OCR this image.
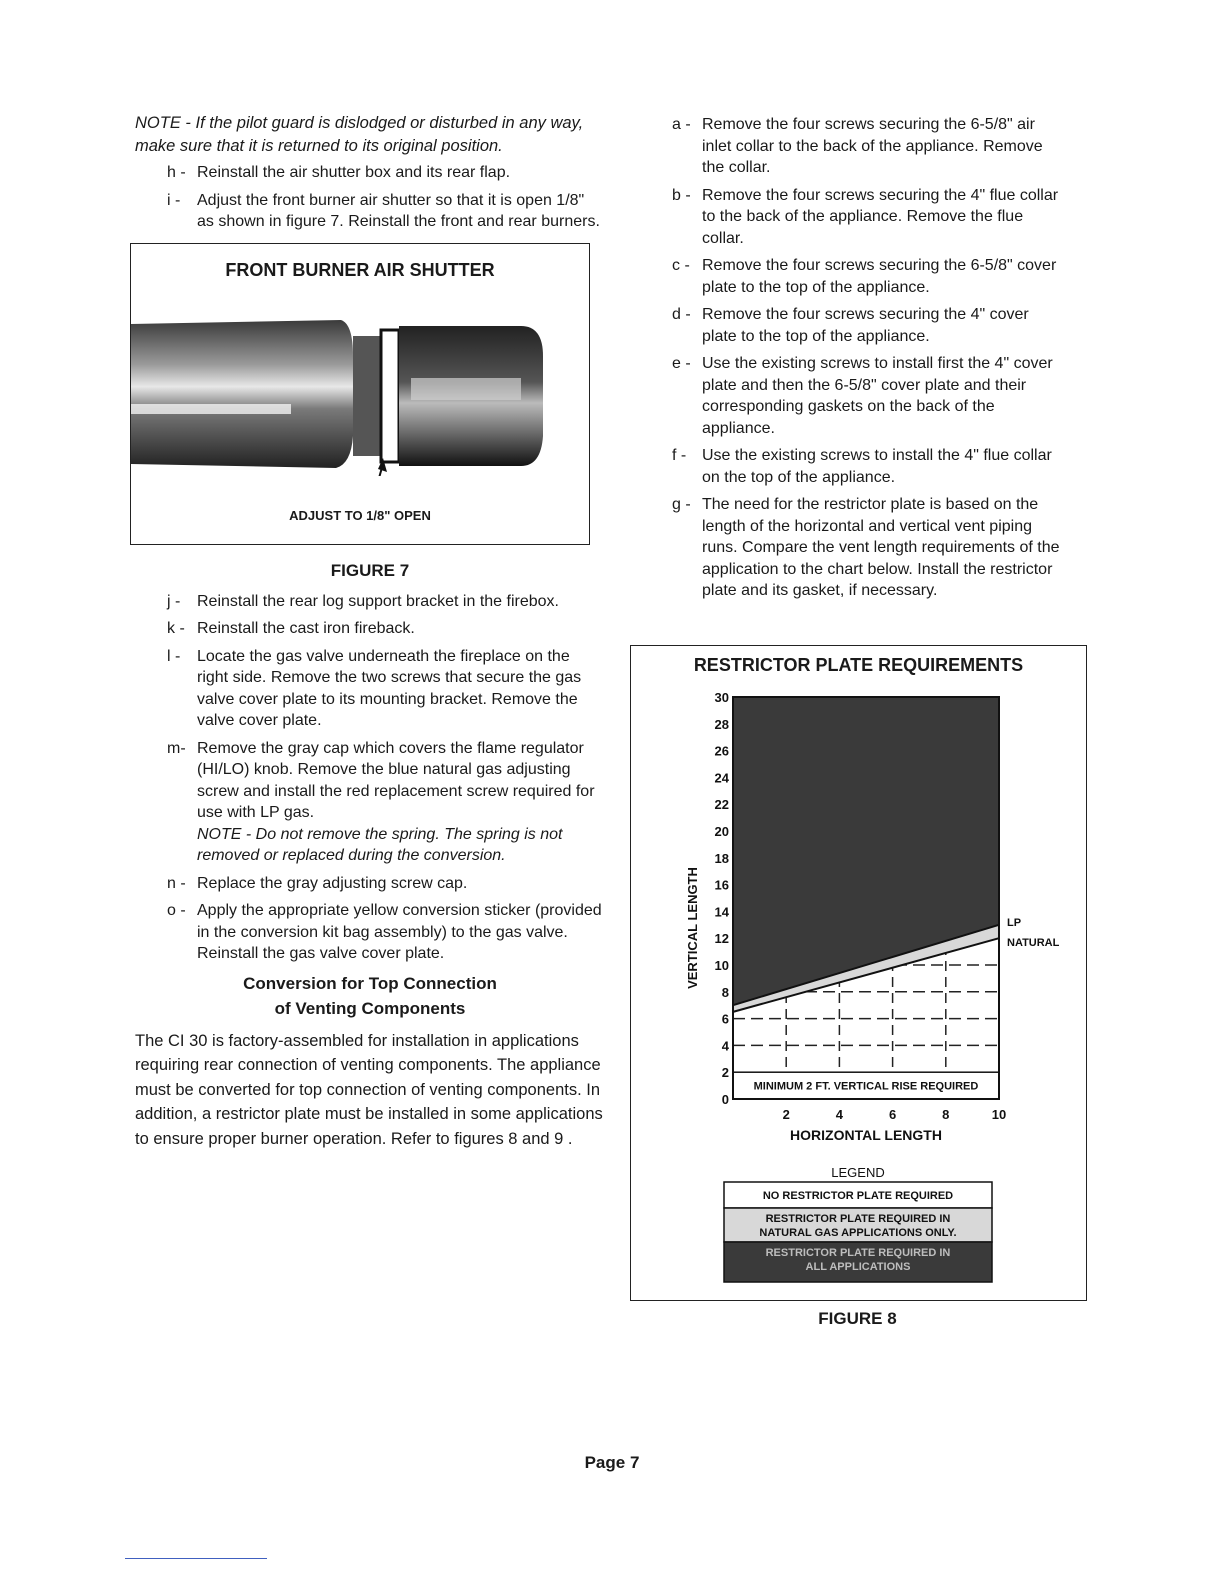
NOTE - If the pilot guard is dislodged or disturbed in any way, make sure that it is returned to its original position.

h - Reinstall the air shutter box and its rear flap.
i - Adjust the front burner air shutter so that it is open 1/8" as shown in figure 7. Reinstall the front and rear burners.
FRONT BURNER AIR SHUTTER
ADJUST TO 1/8" OPEN
FIGURE 7
j - Reinstall the rear log support bracket in the firebox.
k - Reinstall the cast iron fireback.
l - Locate the gas valve underneath the fireplace on the right side. Remove the two screws that secure the gas valve cover plate to its mounting bracket. Remove the valve cover plate.
m- Remove the gray cap which covers the flame regulator (HI/LO) knob. Remove the blue natural gas adjusting screw and install the red replacement screw required for use with LP gas.
NOTE - Do not remove the spring. The spring is not removed or replaced during the conversion.
n - Replace the gray adjusting screw cap.
o - Apply the appropriate yellow conversion sticker (provided in the conversion kit bag assembly) to the gas valve. Reinstall the gas valve cover plate.
Conversion for Top Connection
of Venting Components

The CI 30 is factory-assembled for installation in applications requiring rear connection of venting components. The appliance must be converted for top connection of venting components. In addition, a restrictor plate must be installed in some applications to ensure proper burner operation. Refer to figures 8 and 9 .

a - Remove the four screws securing the 6-5/8" air inlet collar to the back of the appliance. Remove the collar.
b - Remove the four screws securing the 4" flue collar to the back of the appliance. Remove the flue collar.
c - Remove the four screws securing the 6-5/8" cover plate to the top of the appliance.
d - Remove the four screws securing the 4" cover plate to the top of the appliance.
e - Use the existing screws to install first the 4" cover plate and then the 6-5/8" cover plate and their corresponding gaskets on the back of the appliance.
f - Use the existing screws to install the 4" flue collar on the top of the appliance.
g - The need for the restrictor plate is based on the length of the horizontal and vertical vent piping runs. Compare the vent length requirements of the application to the chart below. Install the restrictor plate and its gasket, if necessary.
RESTRICTOR PLATE REQUIREMENTS
MINIMUM 2 FT. VERTICAL RISE REQUIRED
0
2
4
6
8
10
12
14
16
18
20
22
24
26
28
30
2	4	6	8	10
HORIZONTAL LENGTH
VERTICAL LENGTH	LP
NATURAL
LEGEND
NO RESTRICTOR PLATE REQUIRED
RESTRICTOR PLATE REQUIRED IN NATURAL GAS APPLICATIONS ONLY.
RESTRICTOR PLATE REQUIRED IN ALL APPLICATIONS
FIGURE 8
Page 7
